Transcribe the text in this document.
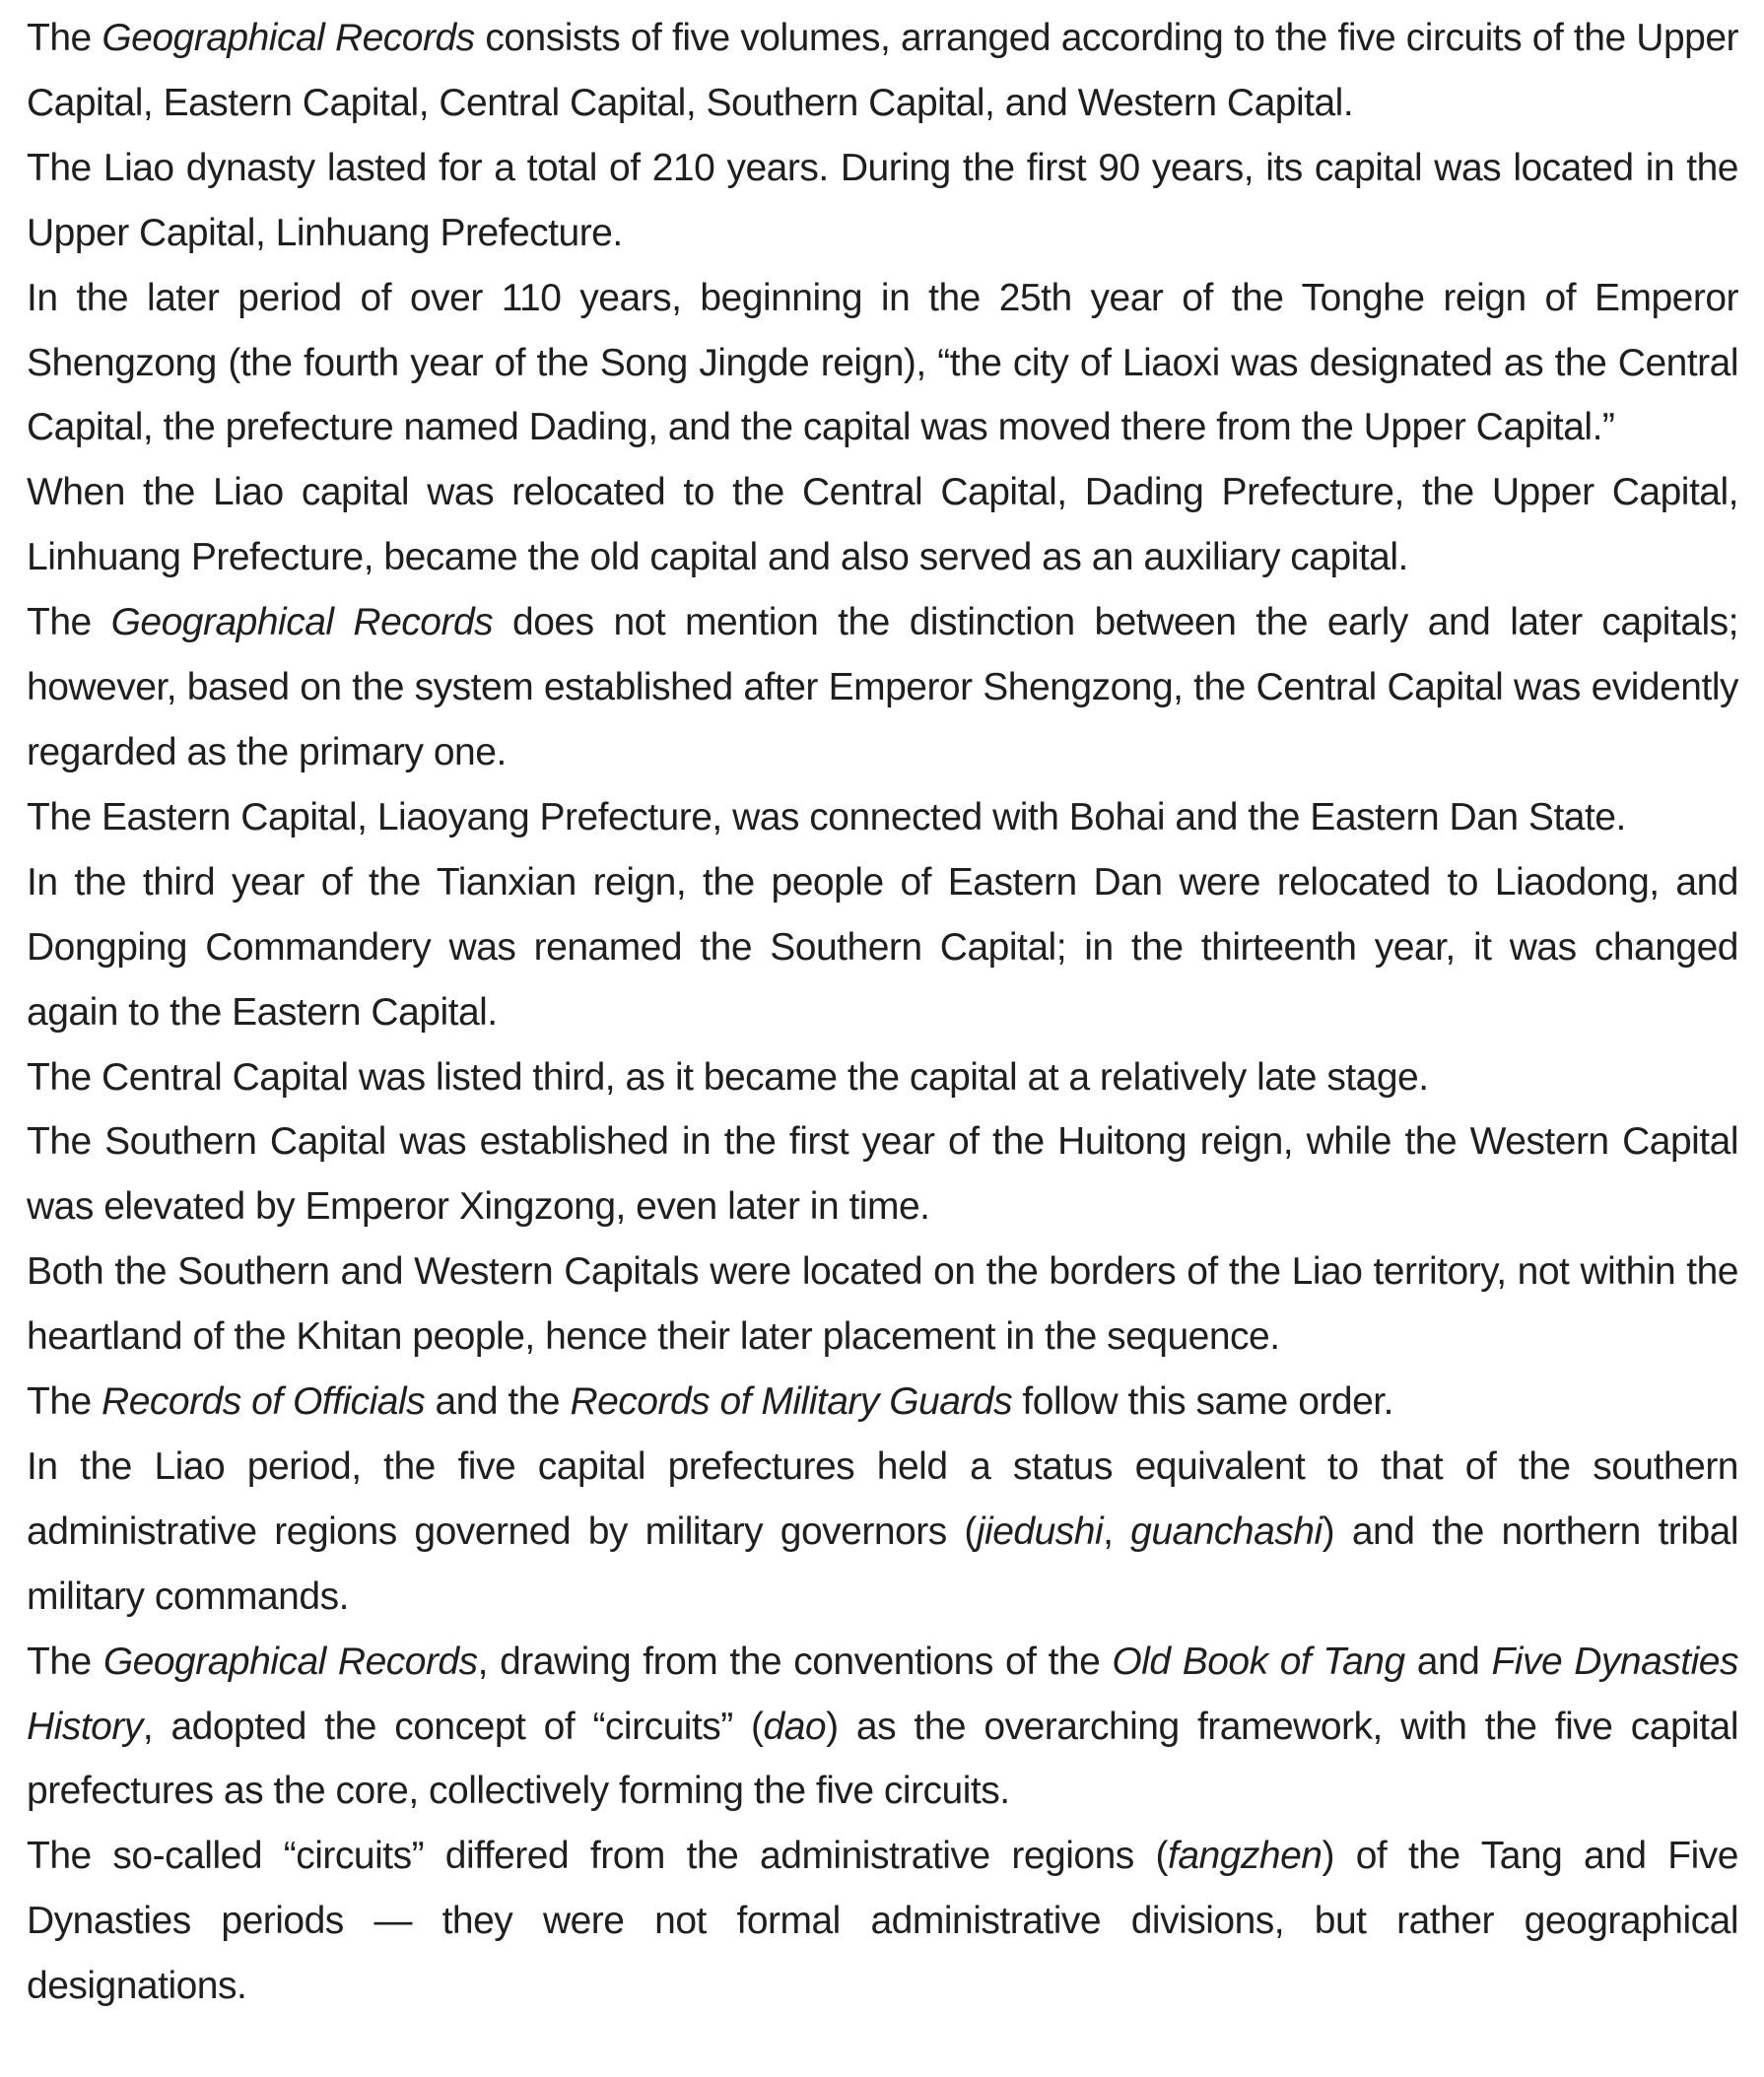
The Geographical Records consists of five volumes, arranged according to the five circuits of the Upper Capital, Eastern Capital, Central Capital, Southern Capital, and Western Capital.

The Liao dynasty lasted for a total of 210 years. During the first 90 years, its capital was located in the Upper Capital, Linhuang Prefecture.

In the later period of over 110 years, beginning in the 25th year of the Tonghe reign of Emperor Shengzong (the fourth year of the Song Jingde reign), “the city of Liaoxi was designated as the Central Capital, the prefecture named Dading, and the capital was moved there from the Upper Capital.”

When the Liao capital was relocated to the Central Capital, Dading Prefecture, the Upper Capital, Linhuang Prefecture, became the old capital and also served as an auxiliary capital.

The Geographical Records does not mention the distinction between the early and later capitals; however, based on the system established after Emperor Shengzong, the Central Capital was evidently regarded as the primary one.

The Eastern Capital, Liaoyang Prefecture, was connected with Bohai and the Eastern Dan State.

In the third year of the Tianxian reign, the people of Eastern Dan were relocated to Liaodong, and Dongping Commandery was renamed the Southern Capital; in the thirteenth year, it was changed again to the Eastern Capital.

The Central Capital was listed third, as it became the capital at a relatively late stage.

The Southern Capital was established in the first year of the Huitong reign, while the Western Capital was elevated by Emperor Xingzong, even later in time.

Both the Southern and Western Capitals were located on the borders of the Liao territory, not within the heartland of the Khitan people, hence their later placement in the sequence.

The Records of Officials and the Records of Military Guards follow this same order.

In the Liao period, the five capital prefectures held a status equivalent to that of the southern administrative regions governed by military governors (jiedushi, guanchashi) and the northern tribal military commands.

The Geographical Records, drawing from the conventions of the Old Book of Tang and Five Dynasties History, adopted the concept of “circuits” (dao) as the overarching framework, with the five capital prefectures as the core, collectively forming the five circuits.

The so-called “circuits” differed from the administrative regions (fangzhen) of the Tang and Five Dynasties periods — they were not formal administrative divisions, but rather geographical designations.
